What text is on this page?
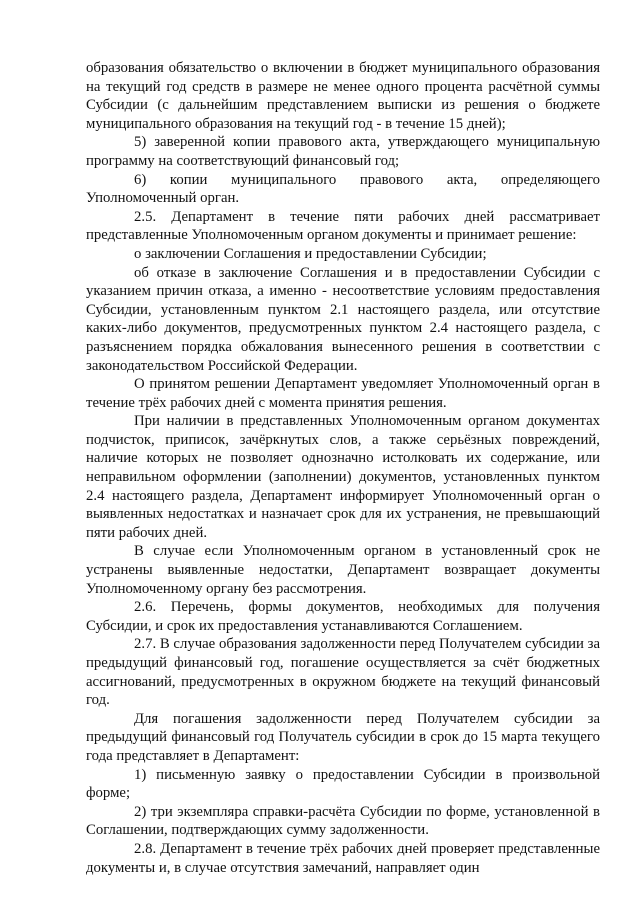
образования обязательство о включении в бюджет муниципального образования на текущий год средств в размере не менее одного процента расчётной суммы Субсидии (с дальнейшим представлением выписки из решения о бюджете муниципального образования на текущий год - в течение 15 дней);

5) заверенной копии правового акта, утверждающего муниципальную программу на соответствующий финансовый год;

6) копии муниципального правового акта, определяющего Уполномоченный орган.

2.5. Департамент в течение пяти рабочих дней рассматривает представленные Уполномоченным органом документы и принимает решение:

о заключении Соглашения и предоставлении Субсидии;

об отказе в заключение Соглашения и в предоставлении Субсидии с указанием причин отказа, а именно - несоответствие условиям предоставления Субсидии, установленным пунктом 2.1 настоящего раздела, или отсутствие каких-либо документов, предусмотренных пунктом 2.4 настоящего раздела, с разъяснением порядка обжалования вынесенного решения в соответствии с законодательством Российской Федерации.

О принятом решении Департамент уведомляет Уполномоченный орган в течение трёх рабочих дней с момента принятия решения.

При наличии в представленных Уполномоченным органом документах подчисток, приписок, зачёркнутых слов, а также серьёзных повреждений, наличие которых не позволяет однозначно истолковать их содержание, или неправильном оформлении (заполнении) документов, установленных пунктом 2.4 настоящего раздела, Департамент информирует Уполномоченный орган о выявленных недостатках и назначает срок для их устранения, не превышающий пяти рабочих дней.

В случае если Уполномоченным органом в установленный срок не устранены выявленные недостатки, Департамент возвращает документы Уполномоченному органу без рассмотрения.

2.6. Перечень, формы документов, необходимых для получения Субсидии, и срок их предоставления устанавливаются Соглашением.

2.7. В случае образования задолженности перед Получателем субсидии за предыдущий финансовый год, погашение осуществляется за счёт бюджетных ассигнований, предусмотренных в окружном бюджете на текущий финансовый год.

Для погашения задолженности перед Получателем субсидии за предыдущий финансовый год Получатель субсидии в срок до 15 марта текущего года представляет в Департамент:

1) письменную заявку о предоставлении Субсидии в произвольной форме;

2) три экземпляра справки-расчёта Субсидии по форме, установленной в Соглашении, подтверждающих сумму задолженности.

2.8. Департамент в течение трёх рабочих дней проверяет представленные документы и, в случае отсутствия замечаний, направляет один
